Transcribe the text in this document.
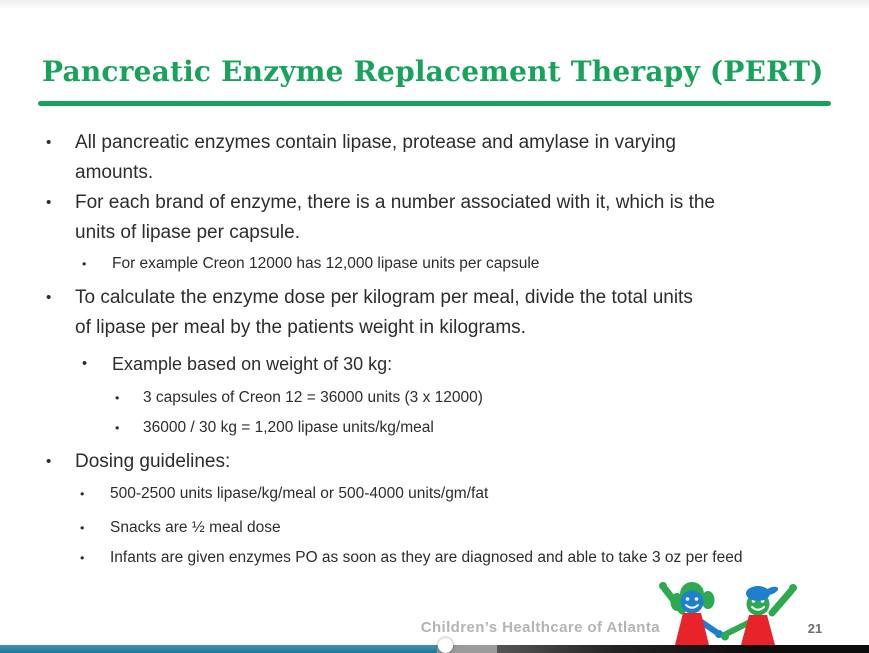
Pancreatic Enzyme Replacement Therapy (PERT)
•	All pancreatic enzymes contain lipase, protease and amylase in varying
amounts.
•	For each brand of enzyme, there is a number associated with it, which is the
units of lipase per capsule.
•	For example Creon 12000 has 12,000 lipase units per capsule
•	To calculate the enzyme dose per kilogram per meal, divide the total units
of lipase per meal by the patients weight in kilograms.
•	Example based on weight of 30 kg:
•	3 capsules of Creon 12 = 36000 units (3 x 12000)
•	36000 / 30 kg = 1,200 lipase units/kg/meal
•	Dosing guidelines:
•	500-2500 units lipase/kg/meal or 500-4000 units/gm/fat
•	Snacks are ½ meal dose
•	Infants are given enzymes PO as soon as they are diagnosed and able to take 3 oz per feed
Children’s Healthcare of Atlanta	21
